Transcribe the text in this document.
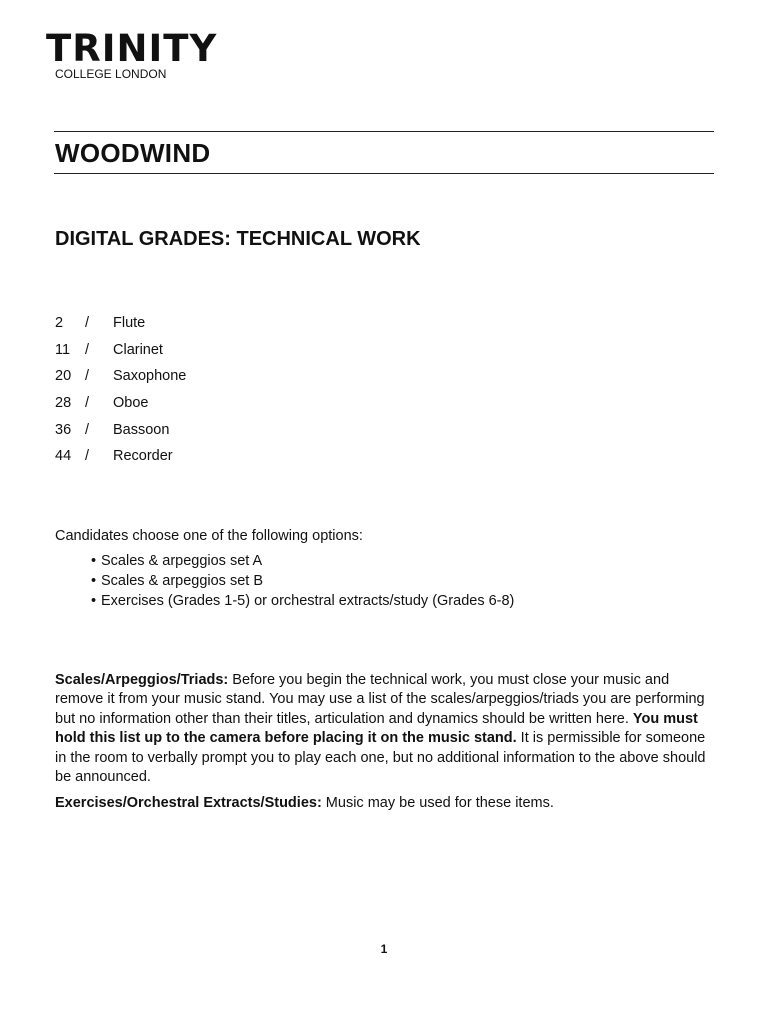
TRINITY
COLLEGE LONDON
WOODWIND
DIGITAL GRADES: TECHNICAL WORK
2	/ Flute
11	/ Clarinet
20 / Saxophone
28 / Oboe
36 / Bassoon
44 / Recorder
Candidates choose one of the following options:
• Scales & arpeggios set A
• Scales & arpeggios set B
• Exercises (Grades 1-5) or orchestral extracts/study (Grades 6-8)
Scales/Arpeggios/Triads: Before you begin the technical work, you must close your music and remove it from your music stand. You may use a list of the scales/arpeggios/triads you are performing but no information other than their titles, articulation and dynamics should be written here. You must hold this list up to the camera before placing it on the music stand. It is permissible for someone in the room to verbally prompt you to play each one, but no additional information to the above should be announced.
Exercises/Orchestral Extracts/Studies: Music may be used for these items.
1
